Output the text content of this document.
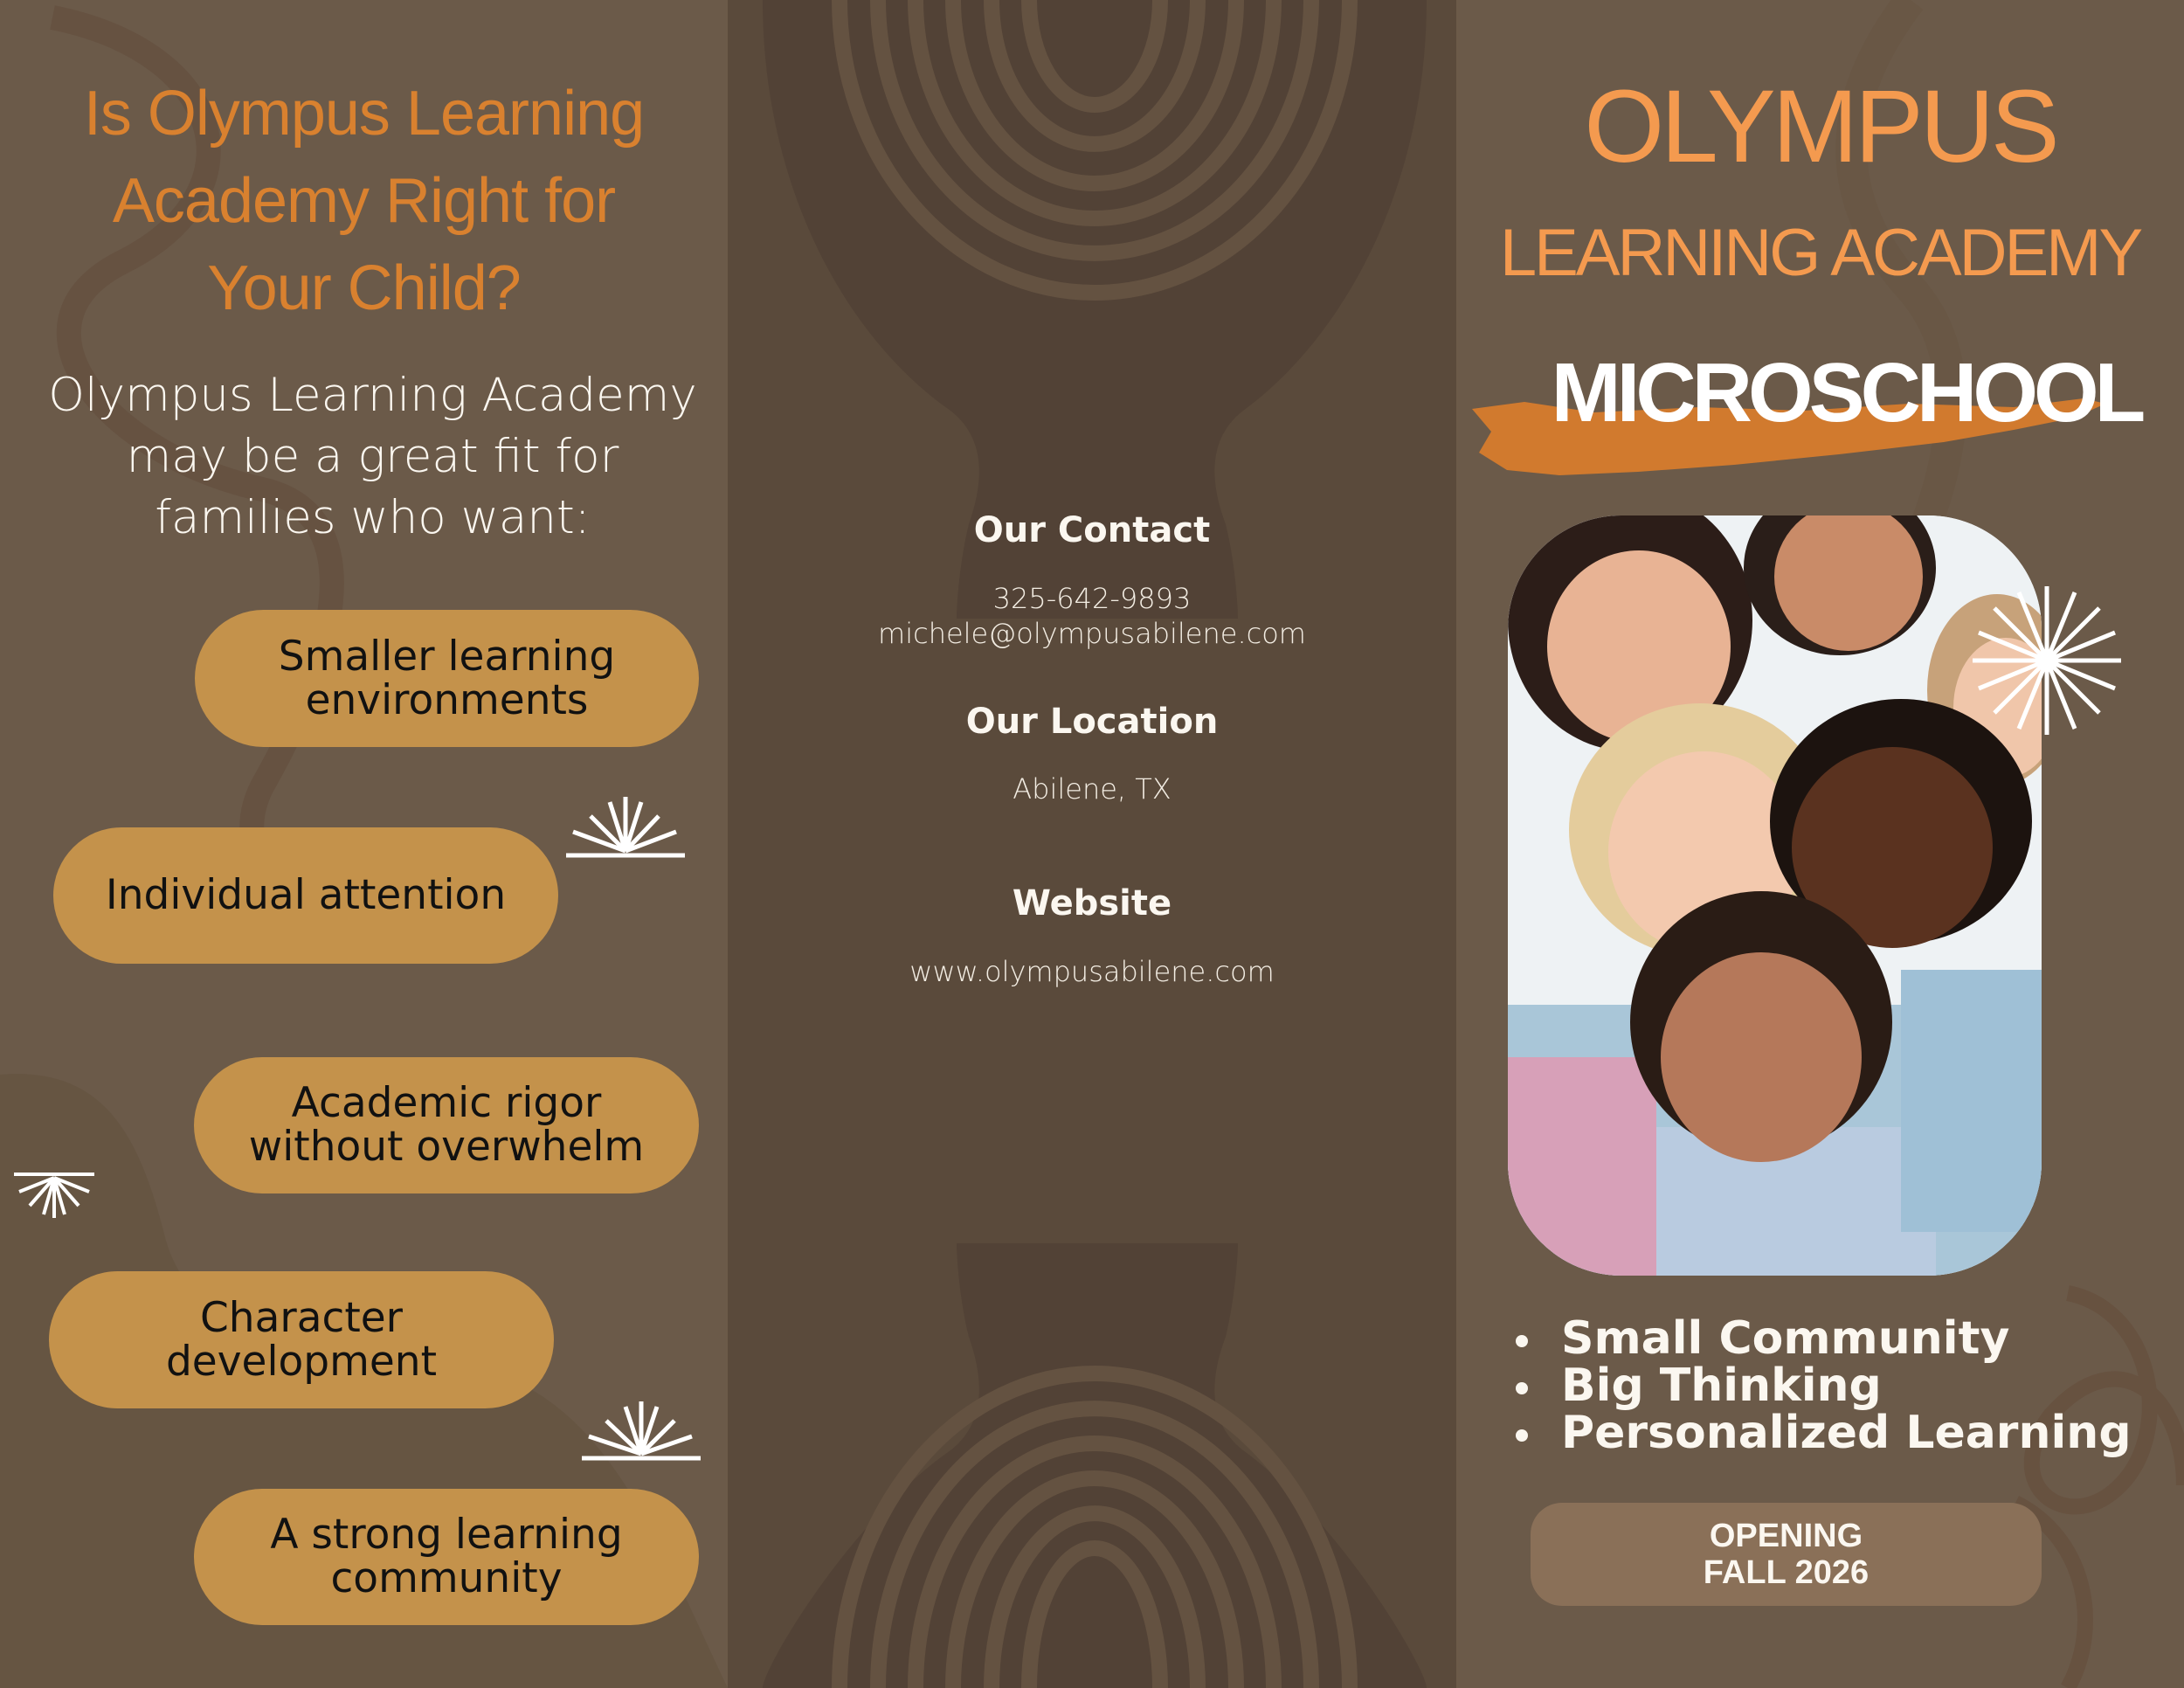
Is Olympus Learning
Academy Right for
Your Child?
Olympus Learning Academy
may be a great fit for
families who want:
Smaller learning
environments
Individual attention
Academic rigor
without overwhelm
Character
development
A strong learning
community
Our Contact
325-642-9893
michele@olympusabilene.com
Our Location
Abilene, TX
Website
www.olympusabilene.com
OLYMPUS
LEARNING ACADEMY
MICROSCHOOL
Small Community
Big Thinking
Personalized Learning
OPENING
FALL 2026
